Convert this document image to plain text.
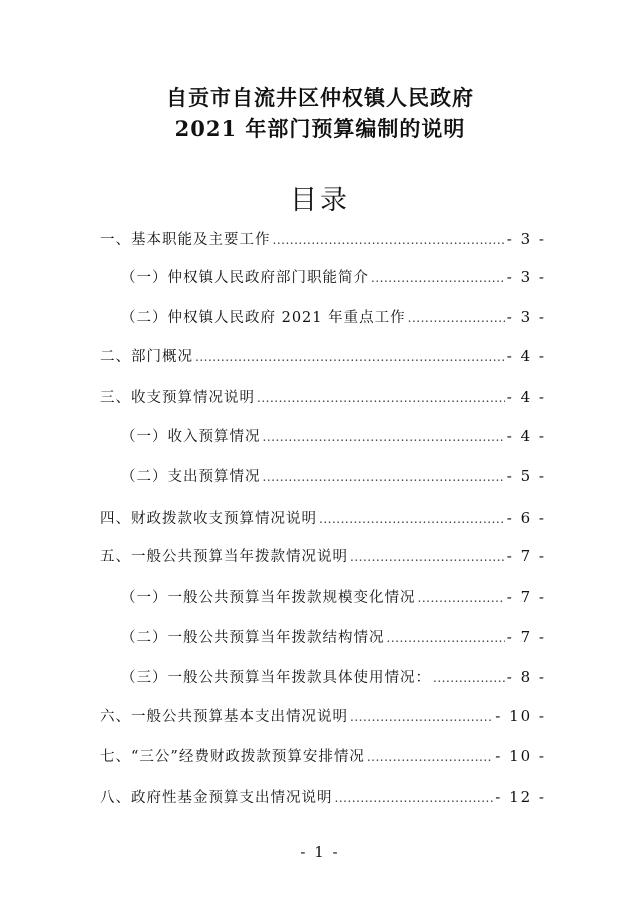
自贡市自流井区仲权镇人民政府
2021 年部门预算编制的说明
目录
一、基本职能及主要工作 .....	- 3 -
（一）仲权镇人民政府部门职能简介 .....	- 3 -
（二）仲权镇人民政府 2021 年重点工作 .....	- 3 -
二、部门概况 .....	- 4 -
三、收支预算情况说明 .....	- 4 -
（一）收入预算情况 .....	- 4 -
（二）支出预算情况 .....	- 5 -
四、财政拨款收支预算情况说明 .....	- 6 -
五、一般公共预算当年拨款情况说明 .....	- 7 -
（一）一般公共预算当年拨款规模变化情况 .....	- 7 -
（二）一般公共预算当年拨款结构情况 .....	- 7 -
（三）一般公共预算当年拨款具体使用情况： .....	- 8 -
六、一般公共预算基本支出情况说明 .....	- 10 -
七、“三公”经费财政拨款预算安排情况 .....	- 10 -
八、政府性基金预算支出情况说明 .....	- 12 -
- 1 -
